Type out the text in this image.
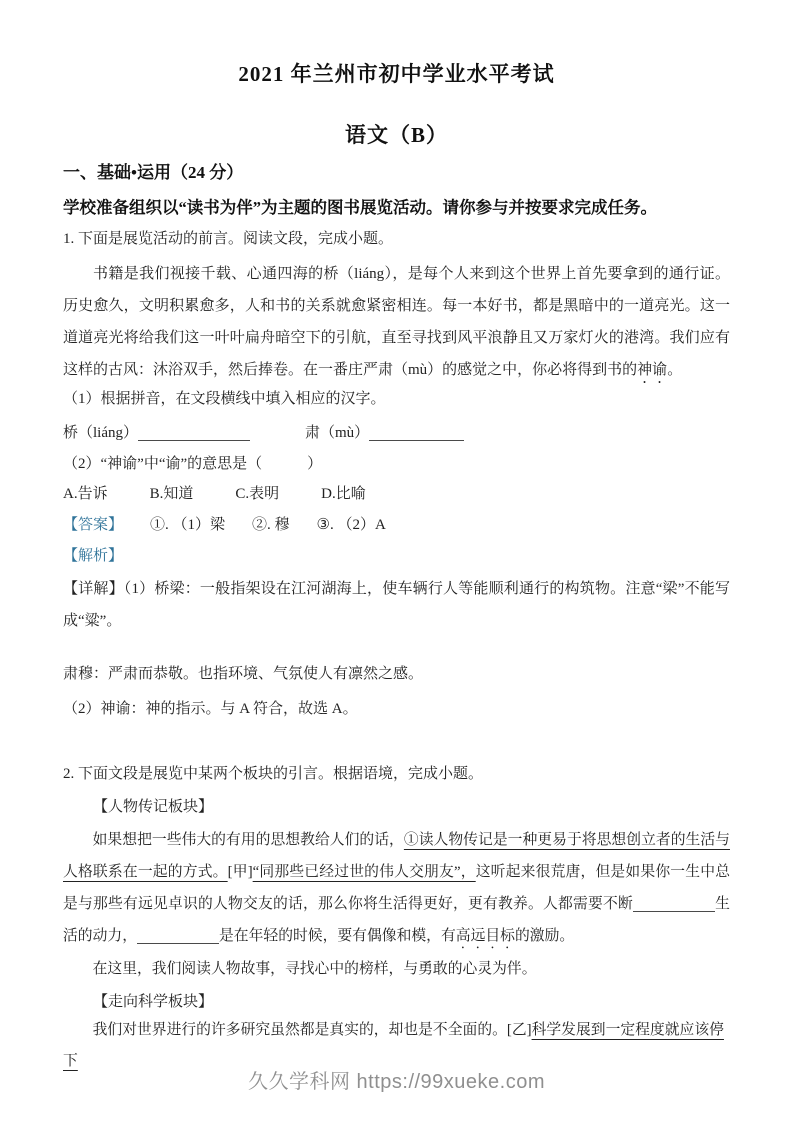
2021 年兰州市初中学业水平考试
语文（B）
一、基础•运用（24 分）

学校准备组织以“读书为伴”为主题的图书展览活动。请你参与并按要求完成任务。

1. 下面是展览活动的前言。阅读文段，完成小题。

书籍是我们视接千载、心通四海的桥（liáng），是每个人来到这个世界上首先要拿到的通行证。历史愈久，文明积累愈多，人和书的关系就愈紧密相连。每一本好书，都是黑暗中的一道亮光。这一道道亮光将给我们这一叶叶扁舟暗空下的引航，直至寻找到风平浪静且又万家灯火的港湾。我们应有这样的古风：沐浴双手，然后捧卷。在一番庄严肃（mù）的感觉之中，你必将得到书的神谕。

（1）根据拼音，在文段横线中填入相应的汉字。

桥（liáng）	肃（mù）

（2）“神谕”中“谕”的意思是（　　　）

A.告诉	B.知道	C.表明	D.比喻

【答案】 ①. （1）梁 ②. 穆 ③. （2）A

【解析】

【详解】（1）桥梁：一般指架设在江河湖海上，使车辆行人等能顺利通行的构筑物。注意“梁”不能写成“粱”。

肃穆：严肃而恭敬。也指环境、气氛使人有凛然之感。

（2）神谕：神的指示。与 A 符合，故选 A。

2. 下面文段是展览中某两个板块的引言。根据语境，完成小题。

【人物传记板块】

如果想把一些伟大的有用的思想教给人们的话，①读人物传记是一种更易于将思想创立者的生活与人格联系在一起的方式。[甲]“同那些已经过世的伟人交朋友”，这听起来很荒唐，但是如果你一生中总是与那些有远见卓识的人物交友的话，那么你将生活得更好，更有教养。人都需要不断	生活的动力，	是在年轻的时候，要有偶像和模，有高远目标的激励。

在这里，我们阅读人物故事，寻找心中的榜样，与勇敢的心灵为伴。

【走向科学板块】

我们对世界进行的许多研究虽然都是真实的，却也是不全面的。[乙]科学发展到一定程度就应该停下

久久学科网 https://99xueke.com
